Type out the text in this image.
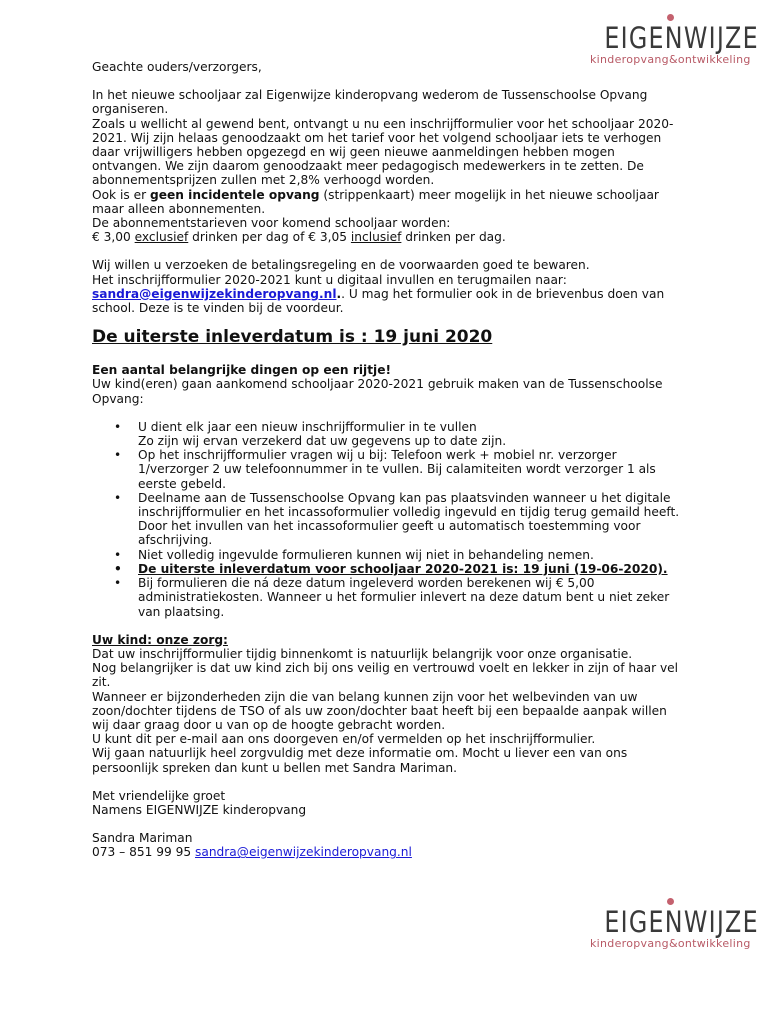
EIGENWIJZE
kinderopvang&ontwikkeling

Geachte ouders/verzorgers,

In het nieuwe schooljaar zal Eigenwijze kinderopvang wederom de Tussenschoolse Opvang organiseren.

Zoals u wellicht al gewend bent, ontvangt u nu een inschrijfformulier voor het schooljaar 2020-2021. Wij zijn helaas genoodzaakt om het tarief voor het volgend schooljaar iets te verhogen daar vrijwilligers hebben opgezegd en wij geen nieuwe aanmeldingen hebben mogen ontvangen. We zijn daarom genoodzaakt meer pedagogisch medewerkers in te zetten. De abonnementsprijzen zullen met 2,8% verhoogd worden.

Ook is er geen incidentele opvang (strippenkaart) meer mogelijk in het nieuwe schooljaar maar alleen abonnementen.

De abonnementstarieven voor komend schooljaar worden:

€ 3,00 exclusief drinken per dag of € 3,05 inclusief drinken per dag.

Wij willen u verzoeken de betalingsregeling en de voorwaarden goed te bewaren.

Het inschrijfformulier 2020-2021 kunt u digitaal invullen en terugmailen naar:

sandra@eigenwijzekinderopvang.nl.. U mag het formulier ook in de brievenbus doen van school. Deze is te vinden bij de voordeur.

De uiterste inleverdatum is : 19 juni 2020

Een aantal belangrijke dingen op een rijtje!

Uw kind(eren) gaan aankomend schooljaar 2020-2021 gebruik maken van de Tussenschoolse Opvang:

• U dient elk jaar een nieuw inschrijfformulier in te vullen
Zo zijn wij ervan verzekerd dat uw gegevens up to date zijn.
• Op het inschrijfformulier vragen wij u bij: Telefoon werk + mobiel nr. verzorger 1/verzorger 2 uw telefoonnummer in te vullen. Bij calamiteiten wordt verzorger 1 als eerste gebeld.
• Deelname aan de Tussenschoolse Opvang kan pas plaatsvinden wanneer u het digitale inschrijfformulier en het incassoformulier volledig ingevuld en tijdig terug gemaild heeft. Door het invullen van het incassoformulier geeft u automatisch toestemming voor afschrijving.
• Niet volledig ingevulde formulieren kunnen wij niet in behandeling nemen.
• De uiterste inleverdatum voor schooljaar 2020-2021 is: 19 juni (19-06-2020).
• Bij formulieren die ná deze datum ingeleverd worden berekenen wij € 5,00 administratiekosten. Wanneer u het formulier inlevert na deze datum bent u niet zeker van plaatsing.

Uw kind: onze zorg:

Dat uw inschrijfformulier tijdig binnenkomt is natuurlijk belangrijk voor onze organisatie.

Nog belangrijker is dat uw kind zich bij ons veilig en vertrouwd voelt en lekker in zijn of haar vel zit.

Wanneer er bijzonderheden zijn die van belang kunnen zijn voor het welbevinden van uw zoon/dochter tijdens de TSO of als uw zoon/dochter baat heeft bij een bepaalde aanpak willen wij daar graag door u van op de hoogte gebracht worden.

U kunt dit per e-mail aan ons doorgeven en/of vermelden op het inschrijfformulier.

Wij gaan natuurlijk heel zorgvuldig met deze informatie om. Mocht u liever een van ons persoonlijk spreken dan kunt u bellen met Sandra Mariman.

Met vriendelijke groet

Namens EIGENWIJZE kinderopvang

Sandra Mariman

073 – 851 99 95 sandra@eigenwijzekinderopvang.nl

EIGENWIJZE
kinderopvang&ontwikkeling
